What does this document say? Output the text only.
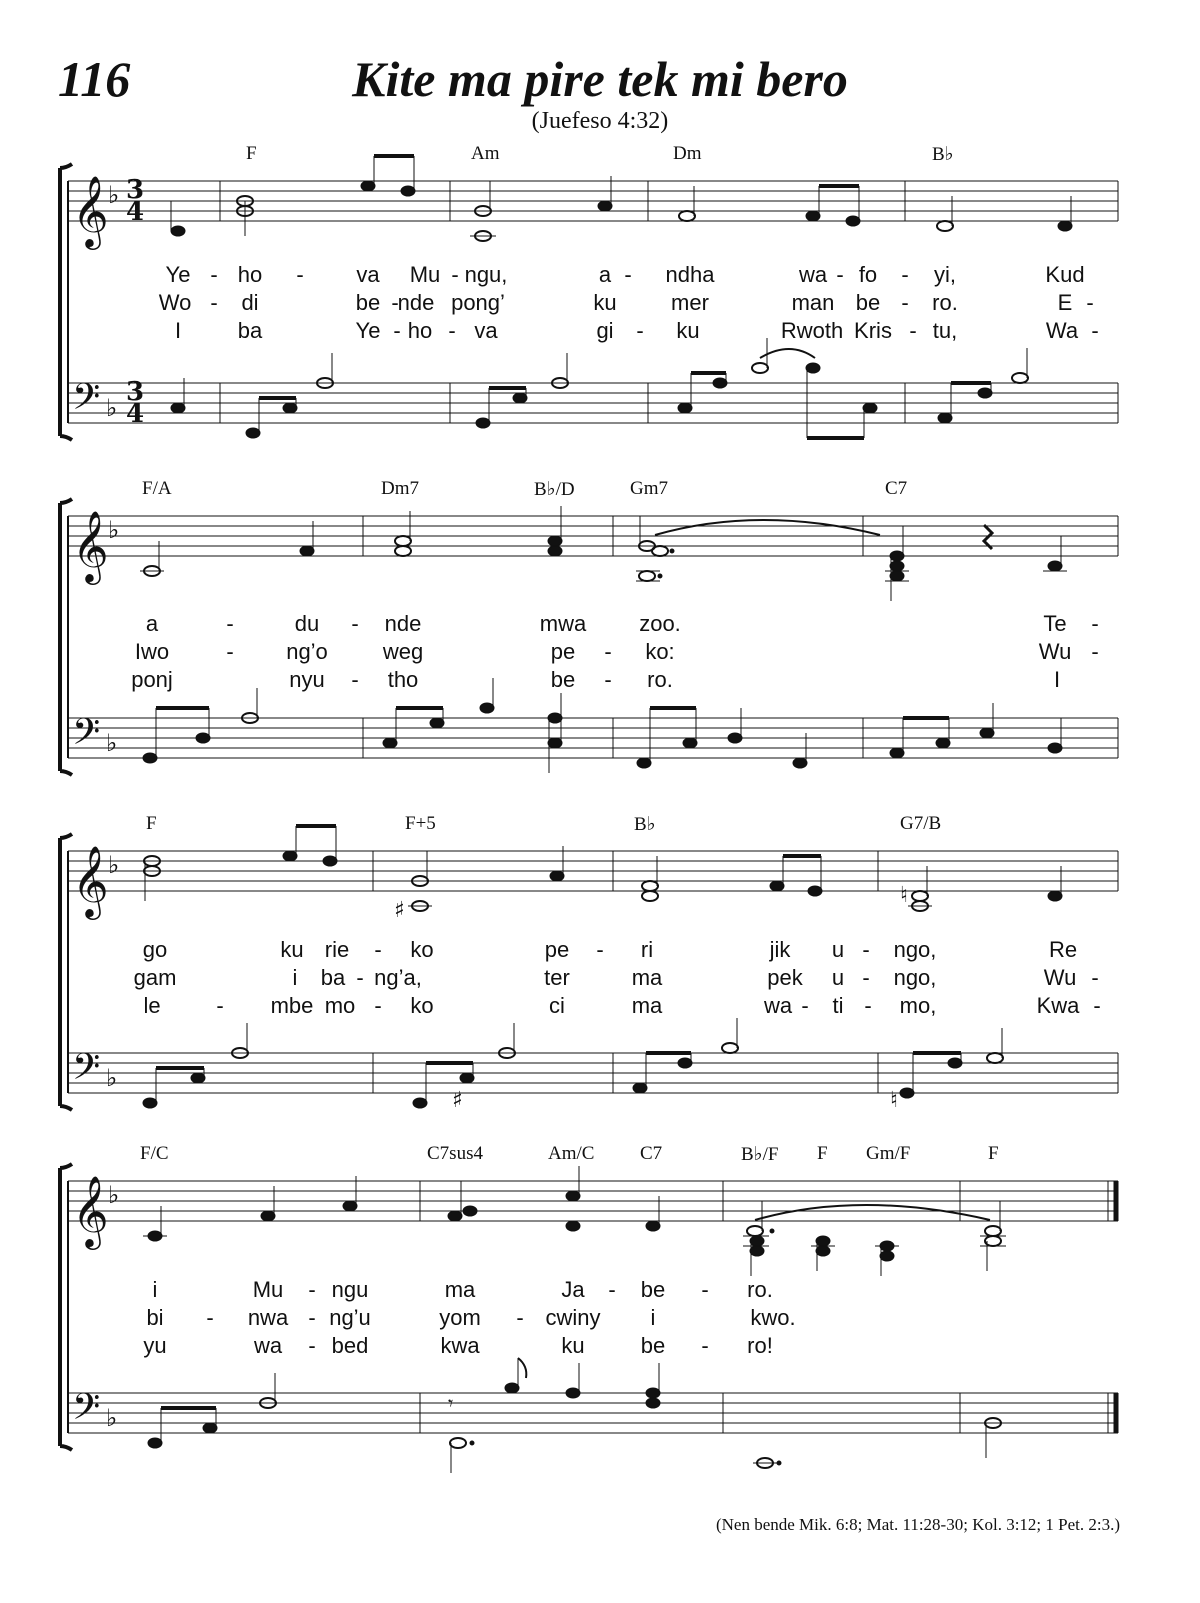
116	Kite ma pire tek mi bero
(Juefeso 4:32)
𝄞
𝄢
♭
♭
3
4
3
4
F	Am	Dm	B♭
Ye - ho - va Mu - ngu,	a - ndha	wa - fo - yi,	Kud
Wo - di	be -
nde pong’	ku mer	man be - ro.	E -
I	ba	Ye - ho - va	gi - ku	Rwoth Kris - tu,	Wa -
𝄞
𝄢
♭
♭
F/A	Dm7	B♭/D	Gm7	C7
a	-	du - nde	mwa zoo.	Te -
Iwo	- ng’o	weg	pe - ko:	Wu -
ponj	nyu - tho	be - ro.	I
𝄞
𝄢
♭
♭
♯
♯
♮
♮
F	F+5	B♭	G7/B
go	ku rie - ko	pe - ri	jik u - ngo,	Re
gam	i ba - ng’a,	ter	ma	pek u - ngo,	Wu -
le	- mbe mo - ko	ci	ma	wa - ti - mo,	Kwa -
𝄞
𝄢
♭
♭
𝄾
F/C	C7sus4	Am/C C7	B♭/F F Gm/F	F
i	Mu - ngu	ma	Ja - be - ro.
bi - nwa - ng’u	yom - cwiny i	kwo.
yu	wa - bed	kwa	ku	be - ro!
(Nen bende Mik. 6:8; Mat. 11:28-30; Kol. 3:12; 1 Pet. 2:3.)
